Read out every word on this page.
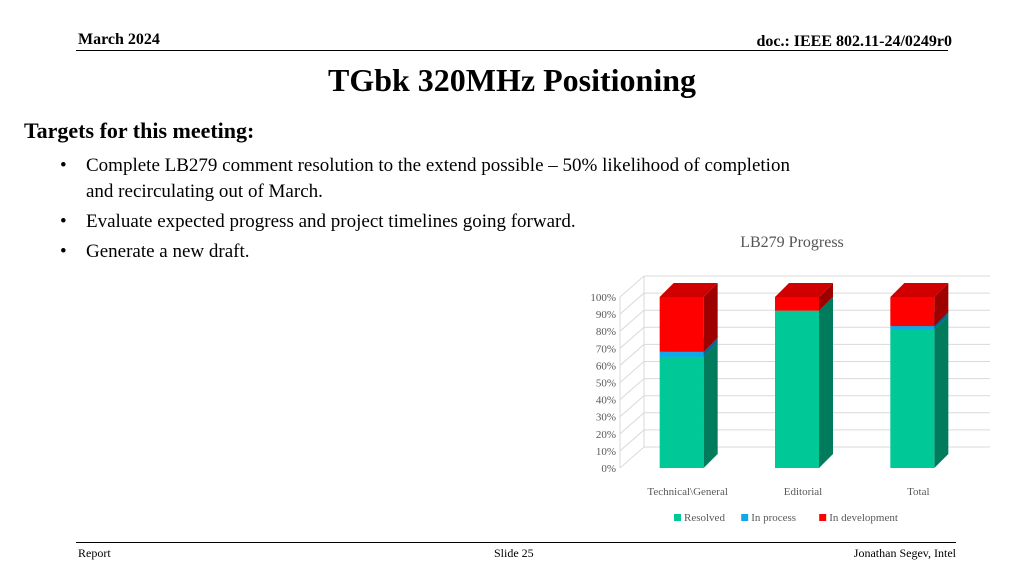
March 2024	doc.: IEEE 802.11-24/0249r0
TGbk 320MHz Positioning
Targets for this meeting:
• Complete LB279 comment resolution to the extend possible – 50% likelihood of completion and recirculating out of March.
• Evaluate expected progress and project timelines going forward.
• Generate a new draft.
0%
10%
20%
30%
40%
50%
60%
70%
80%
90%
100%
Technical\General	Editorial	Total
LB279 Progress
Resolved In process	In development
Report	Slide 25	Jonathan Segev, Intel
